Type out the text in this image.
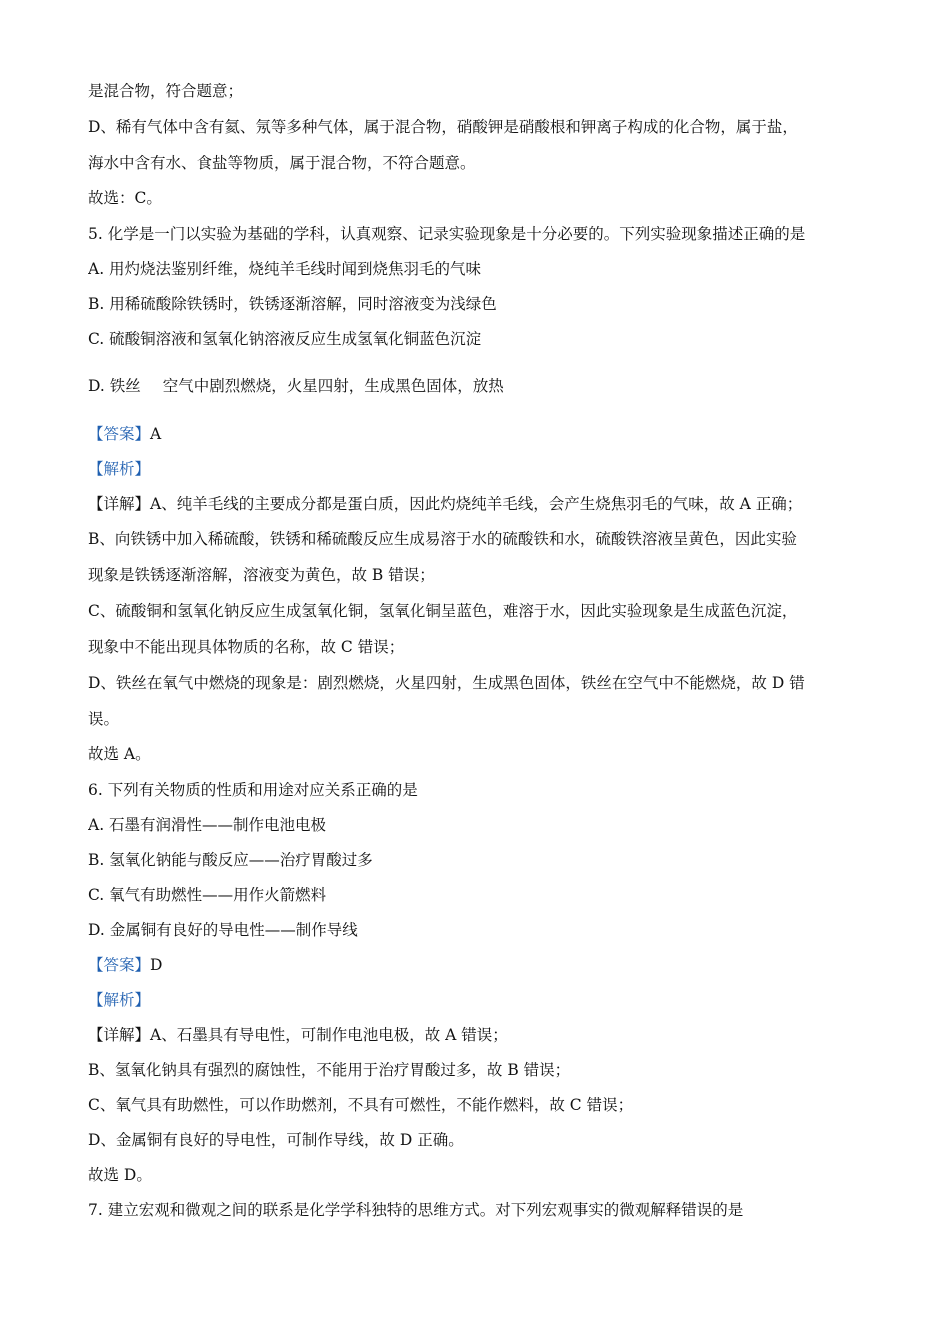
是混合物，符合题意；
D、稀有气体中含有氦、氖等多种气体，属于混合物，硝酸钾是硝酸根和钾离子构成的化合物，属于盐，
海水中含有水、食盐等物质，属于混合物，不符合题意。
故选：C。
5. 化学是一门以实验为基础的学科，认真观察、记录实验现象是十分必要的。下列实验现象描述正确的是
A. 用灼烧法鉴别纤维，烧纯羊毛线时闻到烧焦羽毛的气味
B. 用稀硫酸除铁锈时，铁锈逐渐溶解，同时溶液变为浅绿色
C. 硫酸铜溶液和氢氧化钠溶液反应生成氢氧化铜蓝色沉淀
D. 铁丝 空气中剧烈燃烧，火星四射，生成黑色固体，放热
【答案】A
【解析】
【详解】A、纯羊毛线的主要成分都是蛋白质，因此灼烧纯羊毛线，会产生烧焦羽毛的气味，故 A 正确；
B、向铁锈中加入稀硫酸，铁锈和稀硫酸反应生成易溶于水的硫酸铁和水，硫酸铁溶液呈黄色，因此实验
现象是铁锈逐渐溶解，溶液变为黄色，故 B 错误；
C、硫酸铜和氢氧化钠反应生成氢氧化铜，氢氧化铜呈蓝色，难溶于水，因此实验现象是生成蓝色沉淀，
现象中不能出现具体物质的名称，故 C 错误；
D、铁丝在氧气中燃烧的现象是：剧烈燃烧，火星四射，生成黑色固体，铁丝在空气中不能燃烧，故 D 错
误。
故选 A。
6. 下列有关物质的性质和用途对应关系正确的是
A. 石墨有润滑性——制作电池电极
B. 氢氧化钠能与酸反应——治疗胃酸过多
C. 氧气有助燃性——用作火箭燃料
D. 金属铜有良好的导电性——制作导线
【答案】D
【解析】
【详解】A、石墨具有导电性，可制作电池电极，故 A 错误；
B、氢氧化钠具有强烈的腐蚀性，不能用于治疗胃酸过多，故 B 错误；
C、氧气具有助燃性，可以作助燃剂，不具有可燃性，不能作燃料，故 C 错误；
D、金属铜有良好的导电性，可制作导线，故 D 正确。
故选 D。
7. 建立宏观和微观之间的联系是化学学科独特的思维方式。对下列宏观事实的微观解释错误的是
